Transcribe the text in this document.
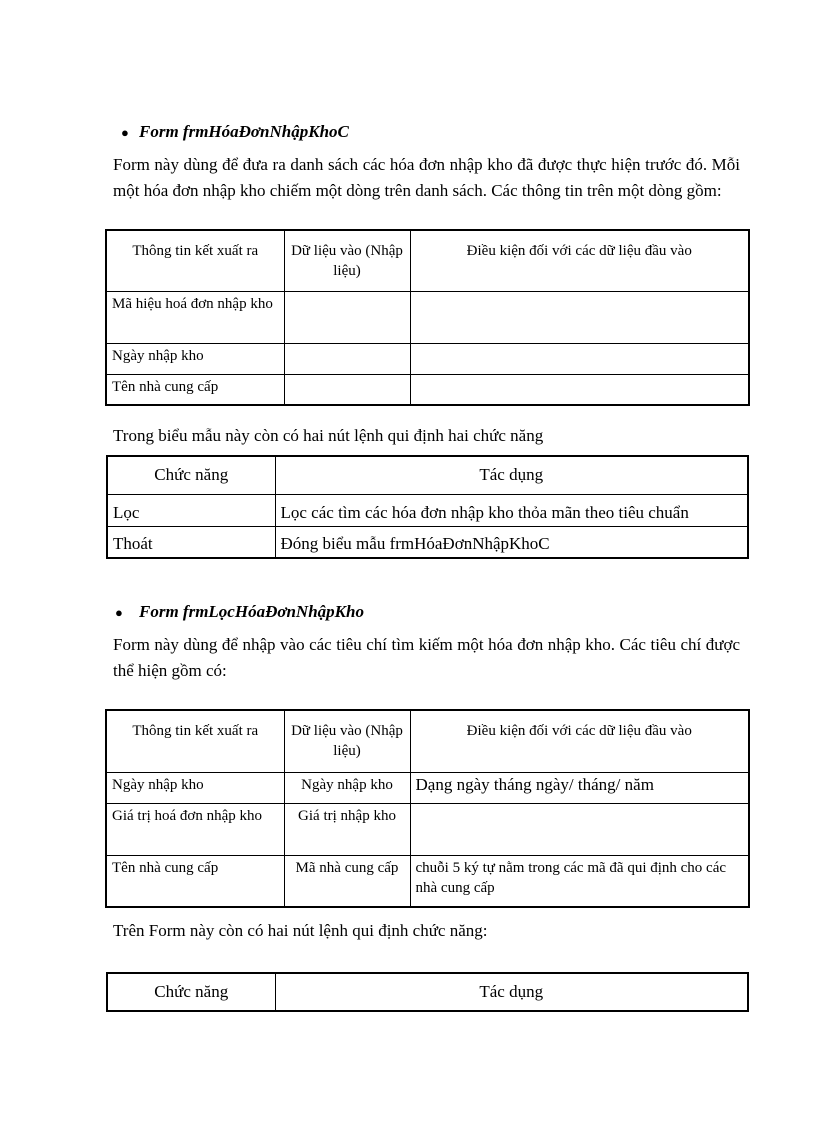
● Form frmHóaĐơnNhậpKhoC
Form này dùng để đưa ra danh sách các hóa đơn nhập kho đã được thực hiện trước đó. Mỗi một hóa đơn nhập kho chiếm một dòng trên danh sách. Các thông tin trên một dòng gồm:
Thông tin kết xuất ra	Dữ liệu vào (Nhập liệu)	Điều kiện đối với các dữ liệu đầu vào
Mã hiệu hoá đơn nhập kho		
Ngày nhập kho		
Tên nhà cung cấp		
Trong biểu mẫu này còn có hai nút lệnh qui định hai chức năng
Chức năng	Tác dụng
Lọc	Lọc các tìm các hóa đơn nhập kho thỏa mãn theo tiêu chuẩn
Thoát	Đóng biểu mẫu frmHóaĐơnNhậpKhoC
● Form frmLọcHóaĐơnNhậpKho
Form này dùng để nhập vào các tiêu chí tìm kiếm một hóa đơn nhập kho. Các tiêu chí được thể hiện gồm có:
Thông tin kết xuất ra	Dữ liệu vào (Nhập liệu)	Điều kiện đối với các dữ liệu đầu vào
Ngày nhập kho	Ngày nhập kho	Dạng ngày tháng ngày/ tháng/ năm
Giá trị hoá đơn nhập kho	Giá trị nhập kho	
Tên nhà cung cấp	Mã nhà cung cấp	chuỗi 5 ký tự nằm trong các mã đã qui định cho các nhà cung cấp
Trên Form này còn có hai nút lệnh qui định chức năng:
Chức năng	Tác dụng
